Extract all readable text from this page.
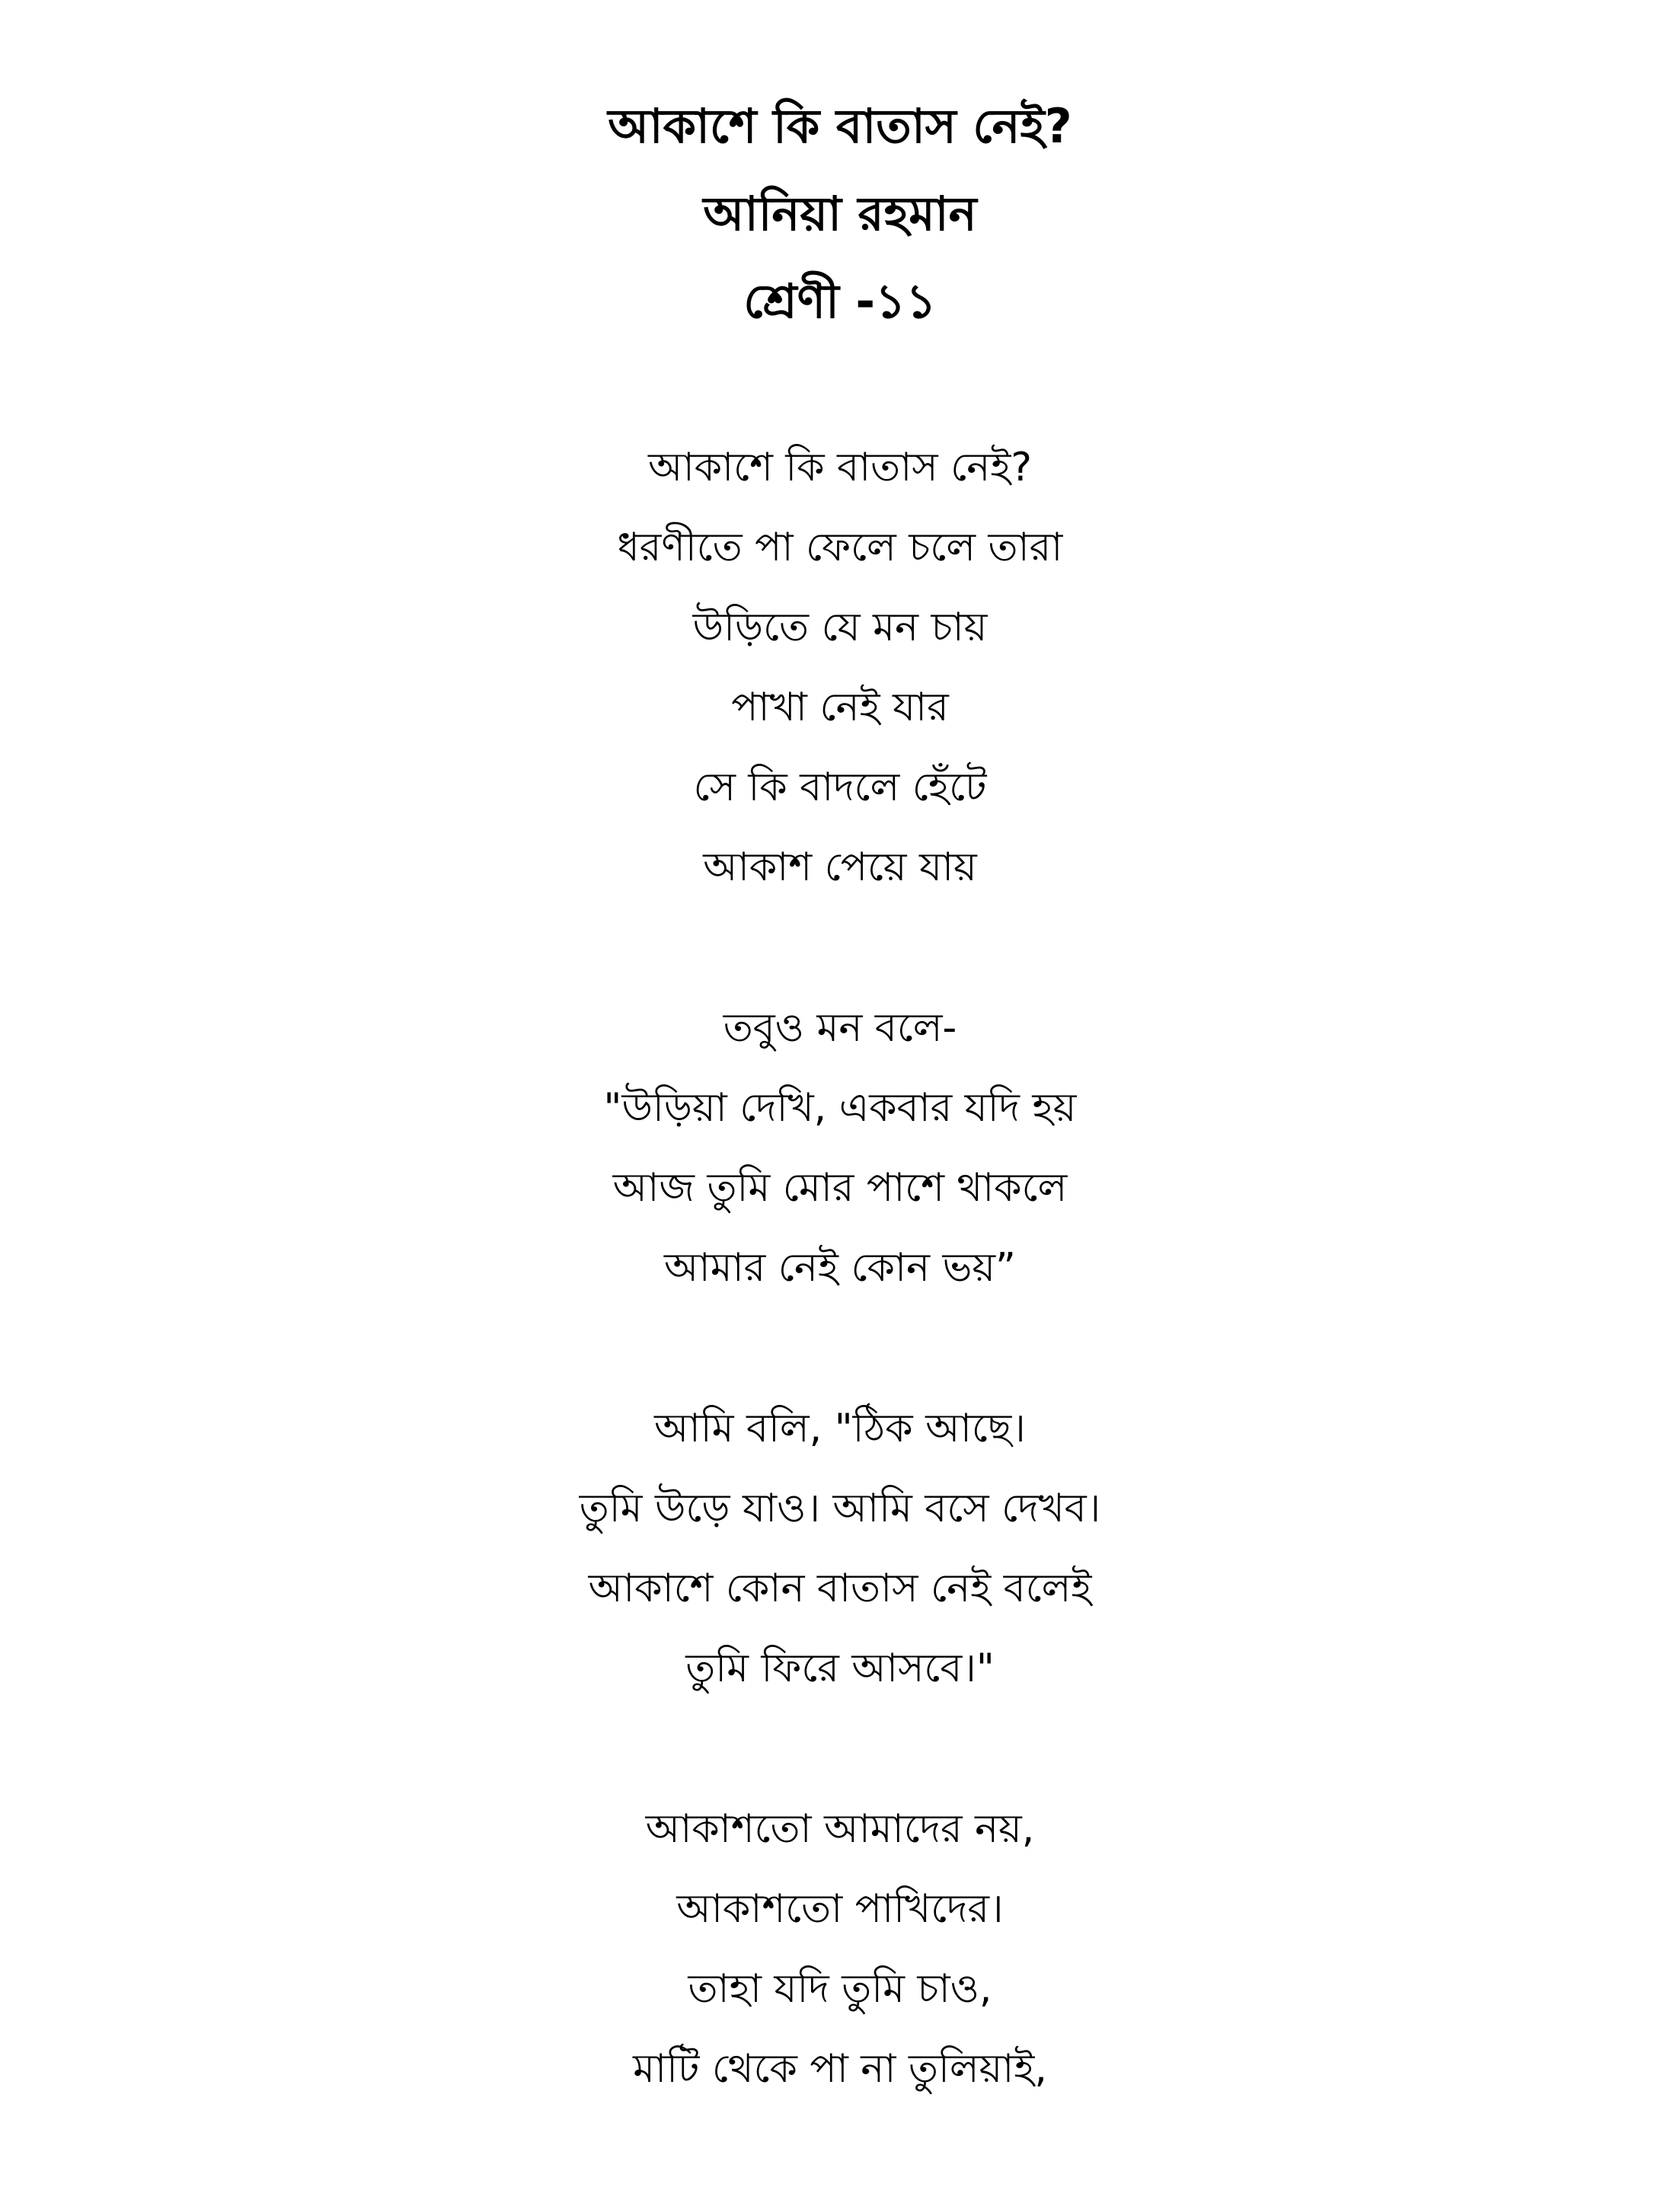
আকাশে কি বাতাস নেই?
আনিয়া রহমান
শ্রেণী -১১
আকাশে কি বাতাস নেই?
ধরণীতে পা ফেলে চলে তারা
উড়িতে যে মন চায়
পাখা নেই যার
সে কি বাদলে হেঁটে
আকাশ পেয়ে যায়
তবুও মন বলে-
"উড়িয়া দেখি, একবার যদি হয়
আজ তুমি মোর পাশে থাকলে
আমার নেই কোন ভয়”
আমি বলি, "ঠিক আছে।
তুমি উড়ে যাও। আমি বসে দেখব।
আকাশে কোন বাতাস নেই বলেই
তুমি ফিরে আসবে।"
আকাশতো আমাদের নয়,
আকাশতো পাখিদের।
তাহা যদি তুমি চাও,
মাটি থেকে পা না তুলিয়াই,
